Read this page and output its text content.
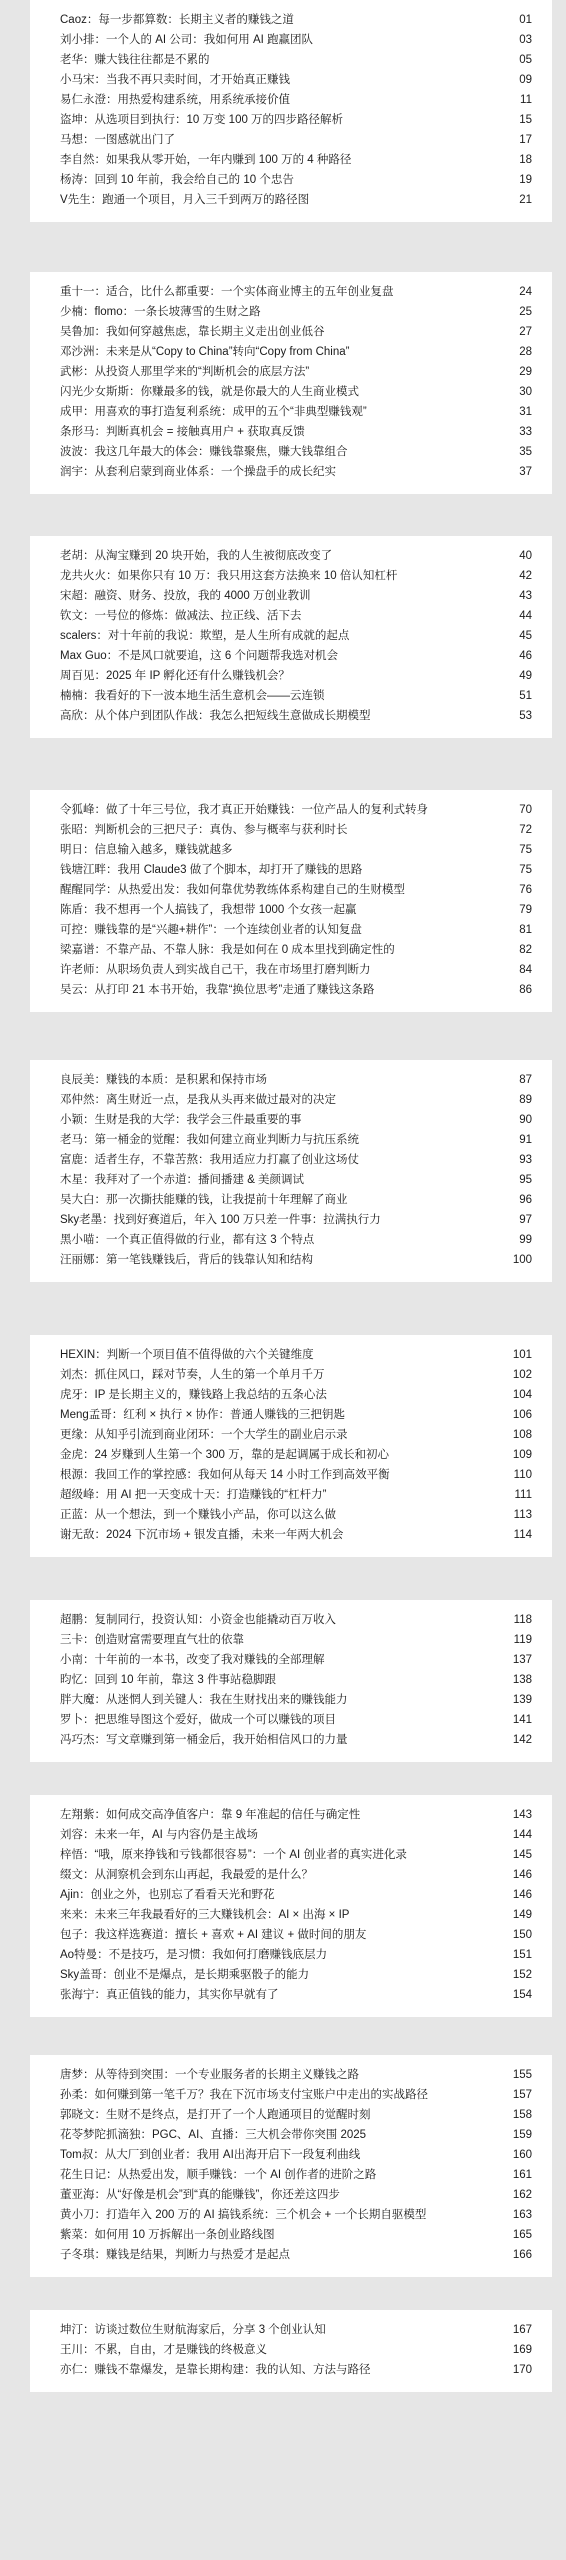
Caoz：每一步都算数：长期主义者的赚钱之道	01
刘小排：一个人的 AI 公司：我如何用 AI 跑赢团队	03
老华：赚大钱往往都是不累的	05
小马宋：当我不再只卖时间，才开始真正赚钱	09
易仁永澄：用热爱构建系统，用系统承接价值	11
盗坤：从选项目到执行：10 万变 100 万的四步路径解析	15
马想：一图感就出门了	17
李自然：如果我从零开始，一年内赚到 100 万的 4 种路径	18
杨涛：回到 10 年前，我会给自己的 10 个忠告	19
V先生：跑通一个项目，月入三千到两万的路径图	21
重十一：适合，比什么都重要：一个实体商业博主的五年创业复盘	24
少楠：flomo：一条长坡薄雪的生财之路	25
吴鲁加：我如何穿越焦虑，靠长期主义走出创业低谷	27
邓沙洲：未来是从“Copy to China”转向“Copy from China”	28
武彬：从投资人那里学来的“判断机会的底层方法”	29
闪光少女斯斯：你赚最多的钱，就是你最大的人生商业模式	30
成甲：用喜欢的事打造复利系统：成甲的五个“非典型赚钱观”	31
条形马：判断真机会 = 接触真用户 + 获取真反馈	33
波波：我这几年最大的体会：赚钱靠聚焦，赚大钱靠组合	35
润宇：从套利启蒙到商业体系：一个操盘手的成长纪实	37
老胡：从淘宝赚到 20 块开始，我的人生被彻底改变了	40
龙共火火：如果你只有 10 万：我只用这套方法换来 10 倍认知杠杆	42
宋超：融资、财务、投放，我的 4000 万创业教训	43
钦文：一号位的修炼：做减法、拉正线、活下去	44
scalers：对十年前的我说：欺塑，是人生所有成就的起点	45
Max Guo：不是风口就要追，这 6 个问题帮我选对机会	46
周百见：2025 年 IP 孵化还有什么赚钱机会？	49
楠楠：我看好的下一波本地生活生意机会——云连锁	51
高欣：从个体户到团队作战：我怎么把短线生意做成长期模型	53
令狐峰：做了十年三号位，我才真正开始赚钱：一位产品人的复利式转身	70
张昭：判断机会的三把尺子：真伪、参与概率与获利时长	72
明日：信息输入越多，赚钱就越多	75
钱塘江畔：我用 Claude3 做了个脚本，却打开了赚钱的思路	75
醒醒同学：从热爱出发：我如何靠优势教练体系构建自己的生财模型	76
陈盾：我不想再一个人搞钱了，我想带 1000 个女孩一起赢	79
可控：赚钱靠的是“兴趣+耕作”：一个连续创业者的认知复盘	81
梁嘉谱：不靠产品、不靠人脉：我是如何在 0 成本里找到确定性的	82
许老师：从职场负责人到实战自己干，我在市场里打磨判断力	84
吴云：从打印 21 本书开始，我靠“换位思考”走通了赚钱这条路	86
良辰美：赚钱的本质：是积累和保持市场	87
邓仲然：离生财近一点，是我从头再来做过最对的决定	89
小颖：生财是我的大学：我学会三件最重要的事	90
老马：第一桶金的觉醒：我如何建立商业判断力与抗压系统	91
富鹿：适者生存，不靠苦熬：我用适应力打赢了创业这场仗	93
木星：我拜对了一个赤道：播间播建 & 美颜调试	95
吴大白：那一次撕扶能赚的钱，让我提前十年理解了商业	96
Sky老墨：找到好赛道后，年入 100 万只差一件事：拉满执行力	97
黑小喵：一个真正值得做的行业，都有这 3 个特点	99
汪丽娜：第一笔钱赚钱后，背后的钱靠认知和结构	100
HEXIN：判断一个项目值不值得做的六个关键维度	101
刘杰：抓住风口，踩对节奏，人生的第一个单月千万	102
虎牙：IP 是长期主义的，赚钱路上我总结的五条心法	104
Meng孟哥：红利 × 执行 × 协作：普通人赚钱的三把钥匙	106
更缘：从知乎引流到商业闭环：一个大学生的副业启示录	108
金虎：24 岁赚到人生第一个 300 万，靠的是起调属于成长和初心	109
根源：我回工作的掌控感：我如何从每天 14 小时工作到高效平衡	110
超级峰：用 AI 把一天变成十天：打造赚钱的“杠杆力”	111
正蓝：从一个想法，到一个赚钱小产品，你可以这么做	113
谢无敌：2024 下沉市场 + 银发直播，未来一年两大机会	114
超鹏：复制同行，投资认知：小资金也能撬动百万收入	118
三卡：创造财富需要理直气壮的依靠	119
小南：十年前的一本书，改变了我对赚钱的全部理解	137
昀忆：回到 10 年前，靠这 3 件事站稳脚跟	138
胖大魔：从迷惘人到关键人：我在生财找出来的赚钱能力	139
罗卜：把思维导图这个爱好，做成一个可以赚钱的项目	141
冯巧杰：写文章赚到第一桶金后，我开始相信风口的力量	142
左翔紫：如何成交高净值客户：靠 9 年准起的信任与确定性	143
刘容：未来一年，AI 与内容仍是主战场	144
梓悟：“哦，原来挣钱和亏钱都很容易”：一个 AI 创业者的真实进化录	145
缀文：从洞察机会到东山再起，我最爱的是什么？	146
Ajin：创业之外，也别忘了看看天光和野花	146
来来：未来三年我最看好的三大赚钱机会：AI × 出海 × IP	149
包子：我这样选赛道：擅长 + 喜欢 + AI 建议 + 做时间的朋友	150
Ao特曼：不是技巧，是习惯：我如何打磨赚钱底层力	151
Sky盖哥：创业不是爆点，是长期乘驱骰子的能力	152
张海宁：真正值钱的能力，其实你早就有了	154
唐梦：从等待到突围：一个专业服务者的长期主义赚钱之路	155
孙柔：如何赚到第一笔千万？我在下沉市场支付宝账户中走出的实战路径	157
郭晓文：生财不是终点，是打开了一个人跑通项目的觉醒时刻	158
花苓梦陀抓滴独：PGC、AI、直播：三大机会带你突围 2025	159
Tom叔：从大厂到创业者：我用 AI出海开启下一段复利曲线	160
花生日记：从热爱出发，顺手赚钱：一个 AI 创作者的进阶之路	161
董亚海：从“好像是机会”到“真的能赚钱”，你还差这四步	162
黄小刀：打造年入 200 万的 AI 搞钱系统：三个机会 + 一个长期自驱模型	163
紫菜：如何用 10 万拆解出一条创业路线图	165
子冬琪：赚钱是结果，判断力与热爱才是起点	166
坤汀：访谈过数位生财航海家后，分享 3 个创业认知	167
王川：不累，自由，才是赚钱的终极意义	169
亦仁：赚钱不靠爆发，是靠长期构建：我的认知、方法与路径	170
